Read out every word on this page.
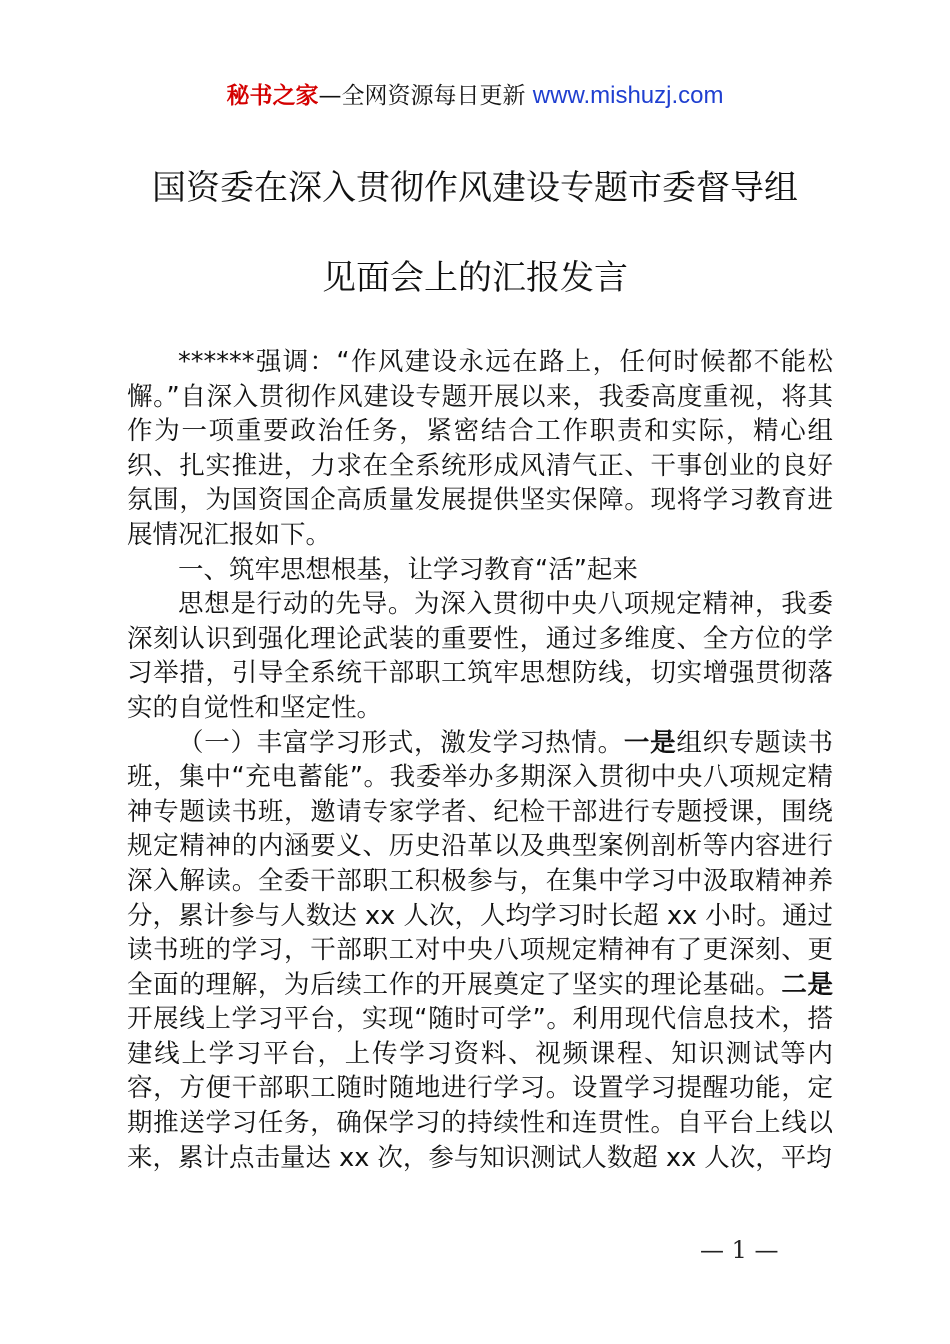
秘书之家—全网资源每日更新 www.mishuzj.com
国资委在深入贯彻作风建设专题市委督导组
见面会上的汇报发言

******强调：“作风建设永远在路上，任何时候都不能松懈。”自深入贯彻作风建设专题开展以来，我委高度重视，将其作为一项重要政治任务，紧密结合工作职责和实际，精心组织、扎实推进，力求在全系统形成风清气正、干事创业的良好氛围，为国资国企高质量发展提供坚实保障。现将学习教育进展情况汇报如下。

一、筑牢思想根基，让学习教育“活”起来

思想是行动的先导。为深入贯彻中央八项规定精神，我委深刻认识到强化理论武装的重要性，通过多维度、全方位的学习举措，引导全系统干部职工筑牢思想防线，切实增强贯彻落实的自觉性和坚定性。

（一）丰富学习形式，激发学习热情。一是组织专题读书班，集中“充电蓄能”。我委举办多期深入贯彻中央八项规定精神专题读书班，邀请专家学者、纪检干部进行专题授课，围绕规定精神的内涵要义、历史沿革以及典型案例剖析等内容进行深入解读。全委干部职工积极参与，在集中学习中汲取精神养分，累计参与人数达 xx 人次，人均学习时长超 xx 小时。通过读书班的学习，干部职工对中央八项规定精神有了更深刻、更全面的理解，为后续工作的开展奠定了坚实的理论基础。二是开展线上学习平台，实现“随时可学”。利用现代信息技术，搭建线上学习平台，上传学习资料、视频课程、知识测试等内容，方便干部职工随时随地进行学习。设置学习提醒功能，定期推送学习任务，确保学习的持续性和连贯性。自平台上线以来，累计点击量达 xx 次，参与知识测试人数超 xx 人次，平均

— 1 —
